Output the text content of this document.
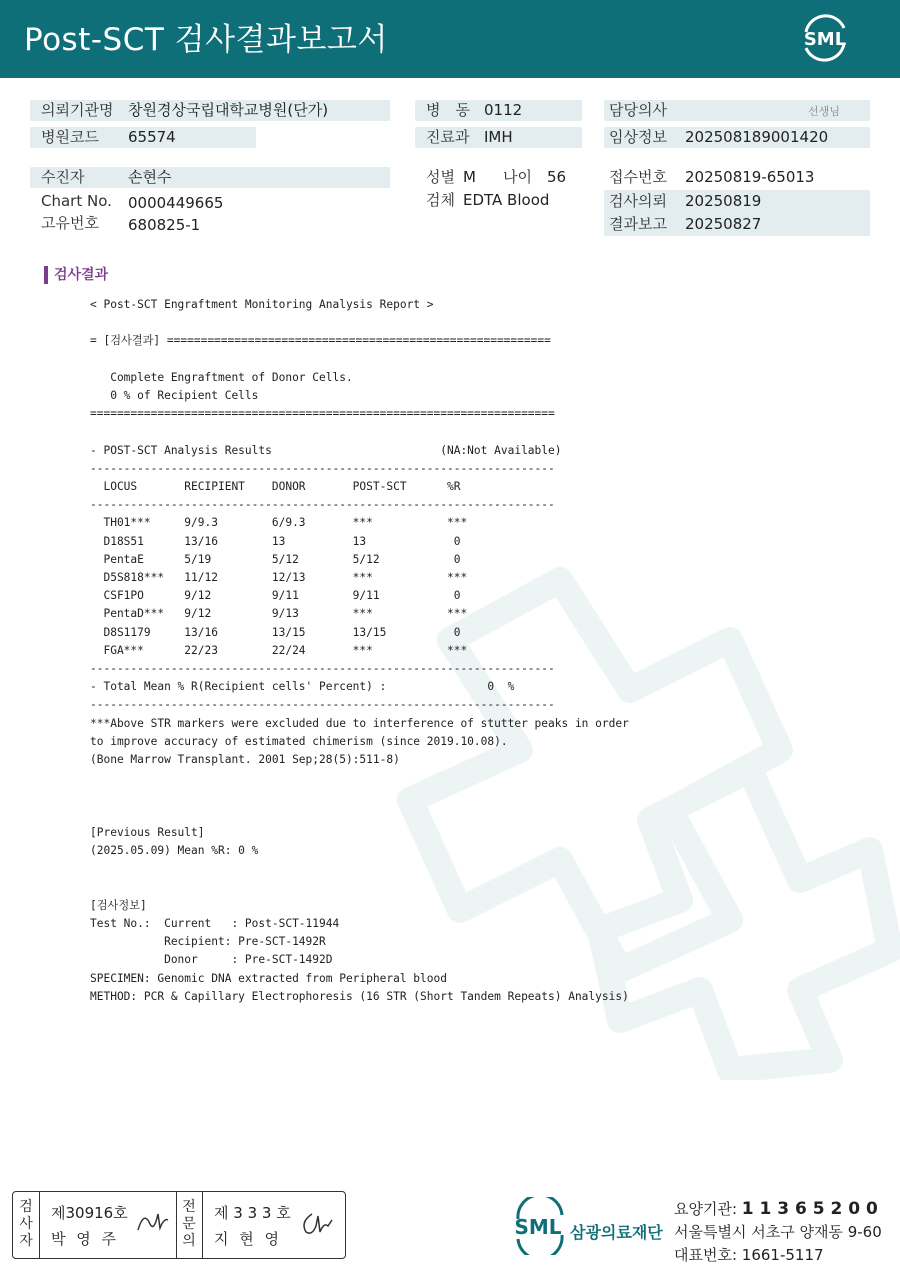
Post-SCT 검사결과보고서	SML
의뢰기관명 창원경상국립대학교병원(단가)
병원코드 65574
수진자	손현수
Chart No. 0000449665
고유번호 680825-1
병　동 0112
진료과 IMH
성별 M 나이 56
검체 EDTA Blood
담당의사	선생님
임상정보 202508189001420
접수번호 20250819-65013
검사의뢰 20250819
결과보고 20250827
검사결과
< Post-SCT Engraftment Monitoring Analysis Report >

= [검사결과] =========================================================

Complete Engraftment of Donor Cells.
0 % of Recipient Cells
=====================================================================

- POST-SCT Analysis Results                         (NA:Not Available)
---------------------------------------------------------------------
LOCUS       RECIPIENT    DONOR       POST-SCT      %R
---------------------------------------------------------------------
TH01***     9/9.3        6/9.3       ***           ***
D18S51      13/16        13          13             0
PentaE      5/19         5/12        5/12           0
D5S818***   11/12        12/13       ***           ***
CSF1PO      9/12         9/11        9/11           0
PentaD***   9/12         9/13        ***           ***
D8S1179     13/16        13/15       13/15          0
FGA***      22/23        22/24       ***           ***
---------------------------------------------------------------------
- Total Mean % R(Recipient cells' Percent) :               0  %
---------------------------------------------------------------------
***Above STR markers were excluded due to interference of stutter peaks in order
to improve accuracy of estimated chimerism (since 2019.10.08).
(Bone Marrow Transplant. 2001 Sep;28(5):511-8)

[Previous Result]
(2025.05.09) Mean %R: 0 %

[검사정보]
Test No.:  Current   : Post-SCT-11944
Recipient: Pre-SCT-1492R
Donor     : Pre-SCT-1492D
SPECIMEN: Genomic DNA extracted from Peripheral blood
METHOD: PCR & Capillary Electrophoresis (16 STR (Short Tandem Repeats) Analysis)
검사자
제30916호
박 영 주
전문의
제 3 3 3 호
지 현 영	SML 삼광의료재단
요양기관: 1 1 3 6 5 2 0 0
서울특별시 서초구 양재동 9-60
대표번호: 1661-5117
